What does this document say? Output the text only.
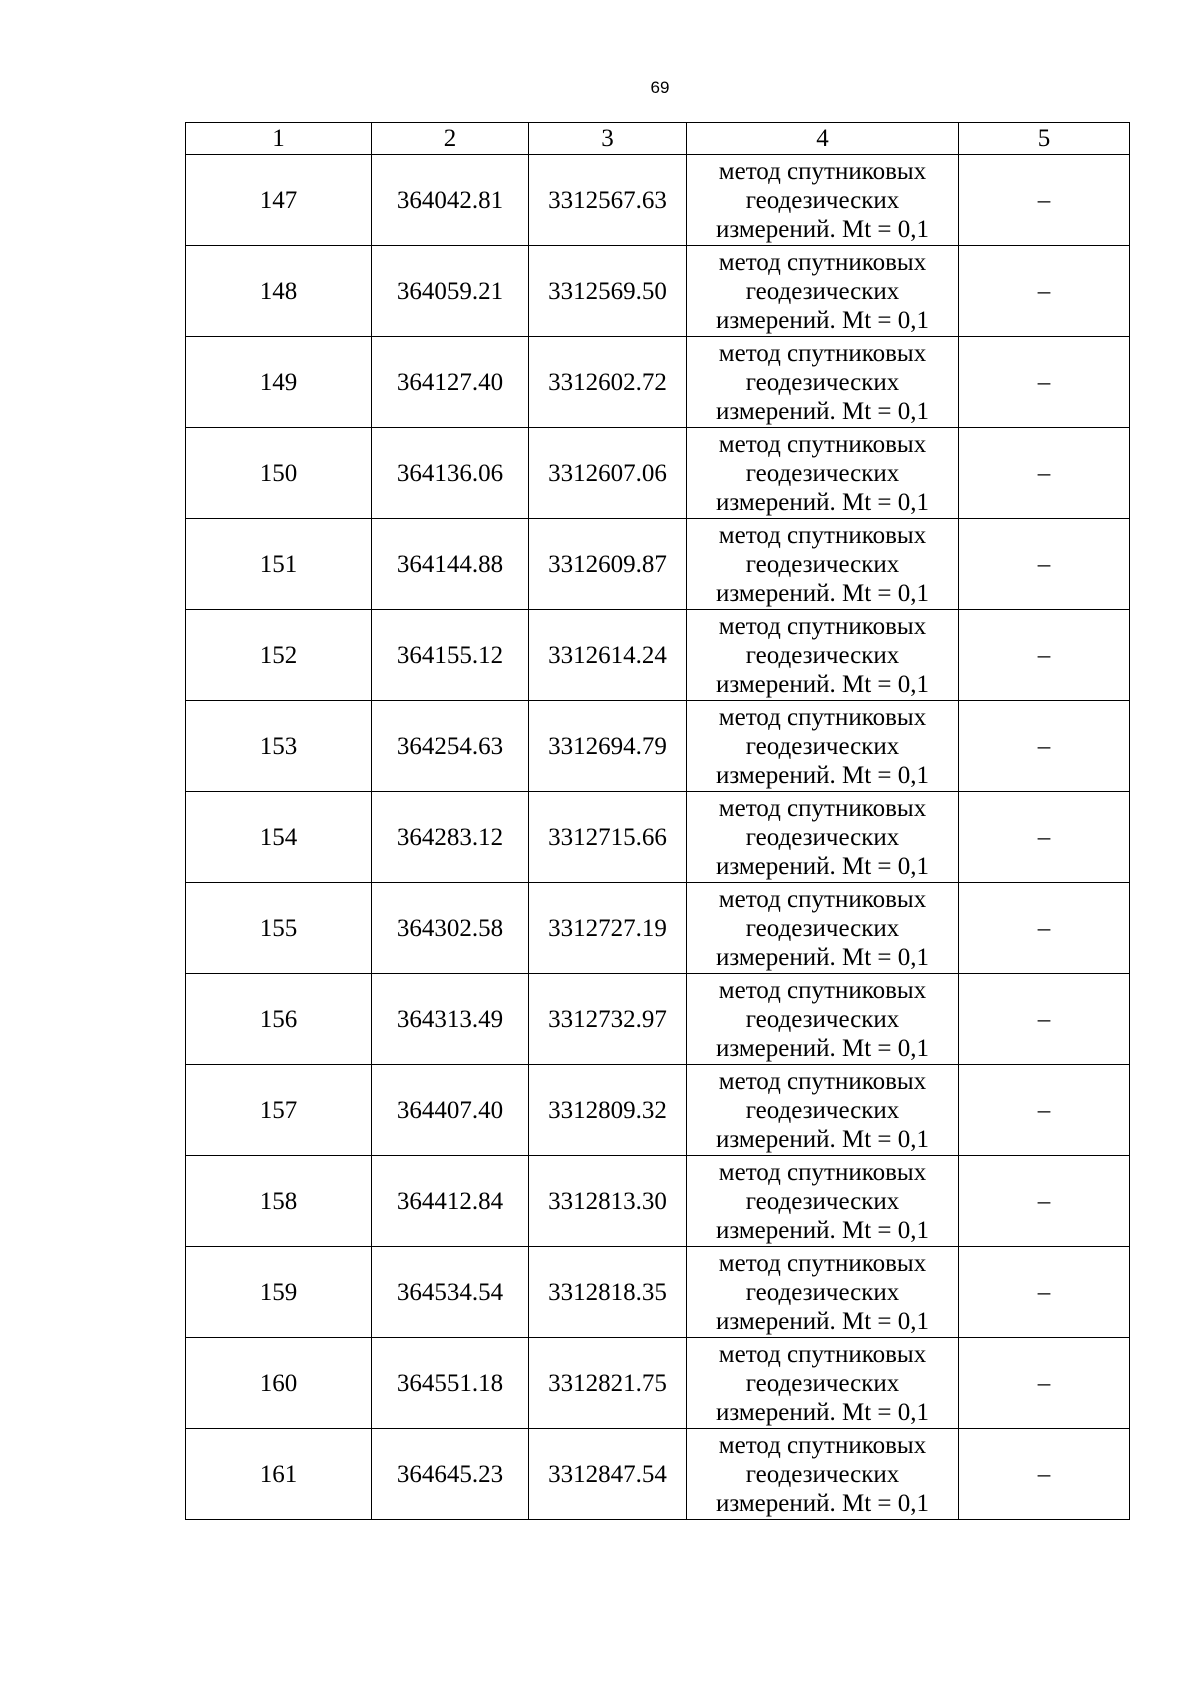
69
1	2	3	4	5
147	364042.81	3312567.63	метод спутниковых
геодезических
измерений. Mt = 0,1	–
148	364059.21	3312569.50	метод спутниковых
геодезических
измерений. Mt = 0,1	–
149	364127.40	3312602.72	метод спутниковых
геодезических
измерений. Mt = 0,1	–
150	364136.06	3312607.06	метод спутниковых
геодезических
измерений. Mt = 0,1	–
151	364144.88	3312609.87	метод спутниковых
геодезических
измерений. Mt = 0,1	–
152	364155.12	3312614.24	метод спутниковых
геодезических
измерений. Mt = 0,1	–
153	364254.63	3312694.79	метод спутниковых
геодезических
измерений. Mt = 0,1	–
154	364283.12	3312715.66	метод спутниковых
геодезических
измерений. Mt = 0,1	–
155	364302.58	3312727.19	метод спутниковых
геодезических
измерений. Mt = 0,1	–
156	364313.49	3312732.97	метод спутниковых
геодезических
измерений. Mt = 0,1	–
157	364407.40	3312809.32	метод спутниковых
геодезических
измерений. Mt = 0,1	–
158	364412.84	3312813.30	метод спутниковых
геодезических
измерений. Mt = 0,1	–
159	364534.54	3312818.35	метод спутниковых
геодезических
измерений. Mt = 0,1	–
160	364551.18	3312821.75	метод спутниковых
геодезических
измерений. Mt = 0,1	–
161	364645.23	3312847.54	метод спутниковых
геодезических
измерений. Mt = 0,1	–
